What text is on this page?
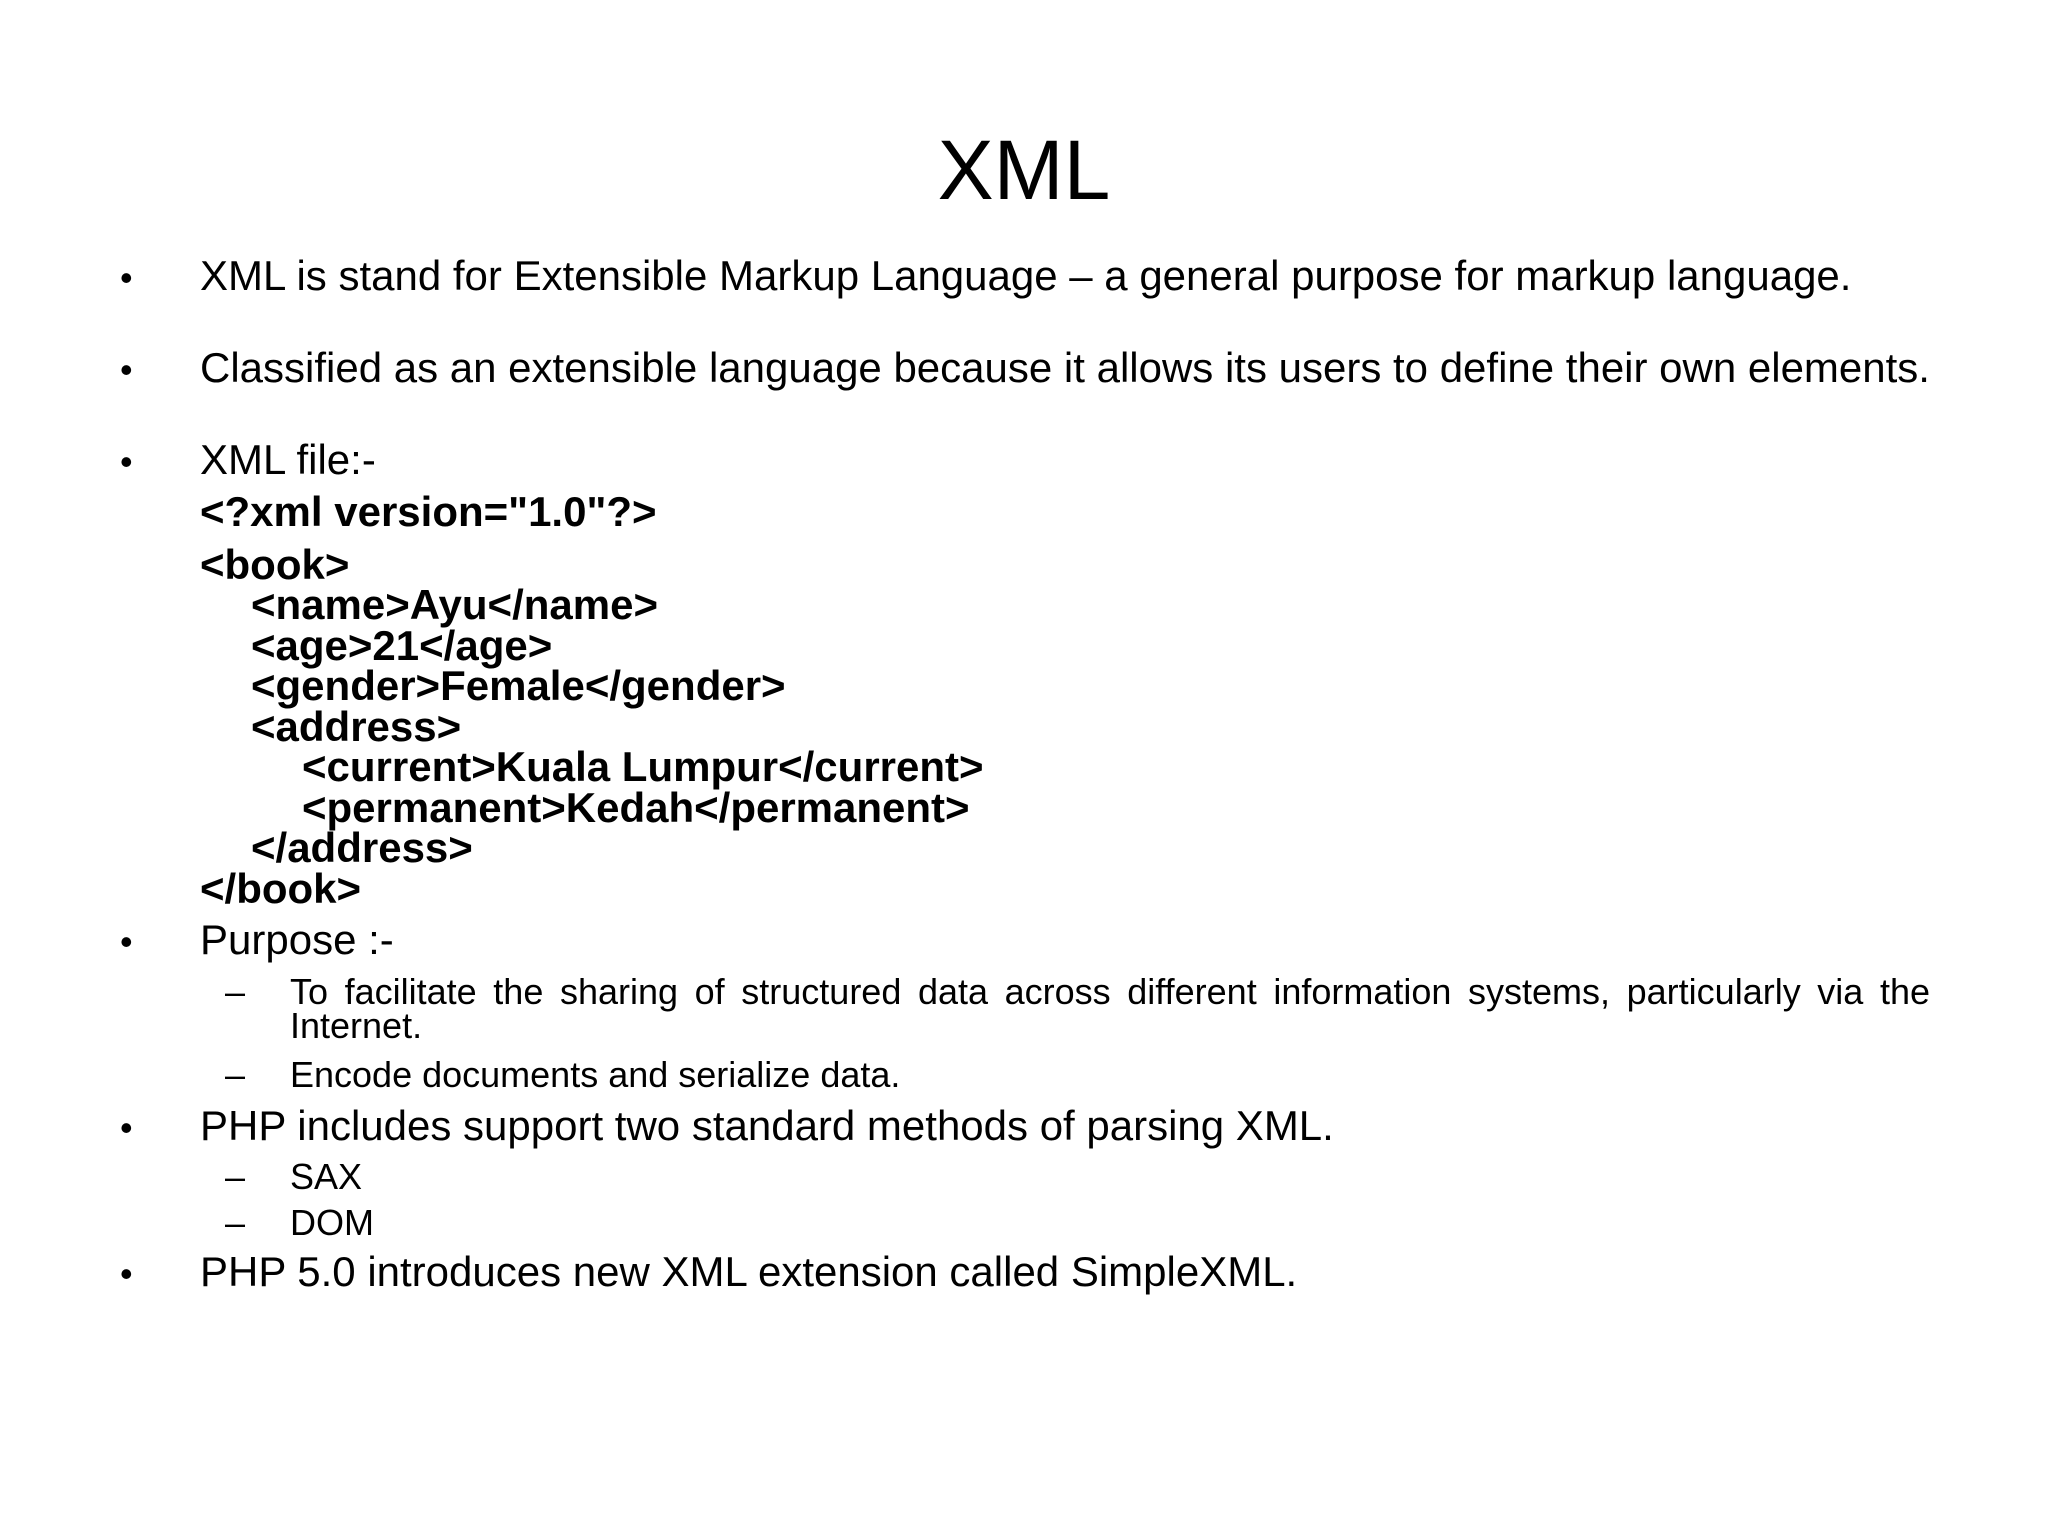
XML
• XML is stand for Extensible Markup Language – a general purpose for markup language.
• Classified as an extensible language because it allows its users to define their own elements.
• XML file:-
<?xml version="1.0"?>
<book>
<name>Ayu</name>
<age>21</age>
<gender>Female</gender>
<address>
<current>Kuala Lumpur</current>
<permanent>Kedah</permanent>
</address>
</book>
• Purpose :-
– To facilitate the sharing of structured data across different information systems, particularly via the Internet.
– Encode documents and serialize data.
• PHP includes support two standard methods of parsing XML.
– SAX
– DOM
• PHP 5.0 introduces new XML extension called SimpleXML.
